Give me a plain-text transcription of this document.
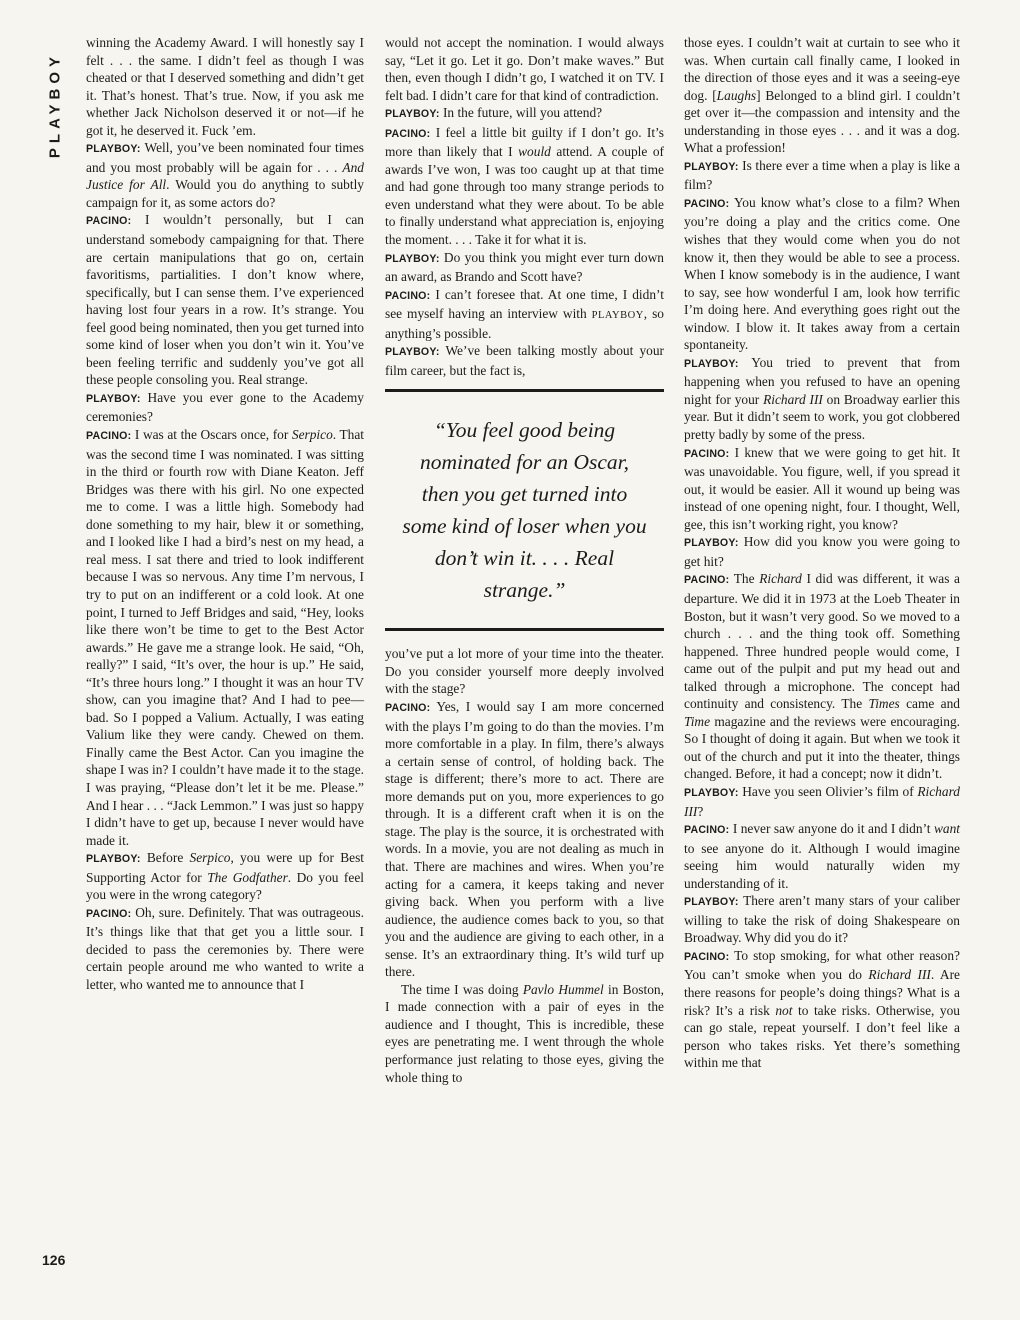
PLAYBOY
126

winning the Academy Award. I will honestly say I felt . . . the same. I didn’t feel as though I was cheated or that I deserved something and didn’t get it. That’s honest. That’s true. Now, if you ask me whether Jack Nicholson deserved it or not—if he got it, he deserved it. Fuck ’em.

PLAYBOY: Well, you’ve been nominated four times and you most probably will be again for . . . And Justice for All. Would you do anything to subtly campaign for it, as some actors do?

PACINO: I wouldn’t personally, but I can understand somebody campaigning for that. There are certain manipulations that go on, certain favoritisms, partialities. I don’t know where, specifically, but I can sense them. I’ve experienced having lost four years in a row. It’s strange. You feel good being nominated, then you get turned into some kind of loser when you don’t win it. You’ve been feeling terrific and suddenly you’ve got all these people consoling you. Real strange.

PLAYBOY: Have you ever gone to the Academy ceremonies?

PACINO: I was at the Oscars once, for Serpico. That was the second time I was nominated. I was sitting in the third or fourth row with Diane Keaton. Jeff Bridges was there with his girl. No one expected me to come. I was a little high. Somebody had done something to my hair, blew it or something, and I looked like I had a bird’s nest on my head, a real mess. I sat there and tried to look indifferent because I was so nervous. Any time I’m nervous, I try to put on an indifferent or a cold look. At one point, I turned to Jeff Bridges and said, “Hey, looks like there won’t be time to get to the Best Actor awards.” He gave me a strange look. He said, “Oh, really?” I said, “It’s over, the hour is up.” He said, “It’s three hours long.” I thought it was an hour TV show, can you imagine that? And I had to pee—bad. So I popped a Valium. Actually, I was eating Valium like they were candy. Chewed on them. Finally came the Best Actor. Can you imagine the shape I was in? I couldn’t have made it to the stage. I was praying, “Please don’t let it be me. Please.” And I hear . . . “Jack Lemmon.” I was just so happy I didn’t have to get up, because I never would have made it.

PLAYBOY: Before Serpico, you were up for Best Supporting Actor for The Godfather. Do you feel you were in the wrong category?

PACINO: Oh, sure. Definitely. That was outrageous. It’s things like that that get you a little sour. I decided to pass the ceremonies by. There were certain people around me who wanted to write a letter, who wanted me to announce that I

would not accept the nomination. I would always say, “Let it go. Let it go. Don’t make waves.” But then, even though I didn’t go, I watched it on TV. I felt bad. I didn’t care for that kind of contradiction.

PLAYBOY: In the future, will you attend?

PACINO: I feel a little bit guilty if I don’t go. It’s more than likely that I would attend. A couple of awards I’ve won, I was too caught up at that time and had gone through too many strange periods to even understand what they were about. To be able to finally understand what appreciation is, enjoying the moment. . . . Take it for what it is.

PLAYBOY: Do you think you might ever turn down an award, as Brando and Scott have?

PACINO: I can’t foresee that. At one time, I didn’t see myself having an interview with PLAYBOY, so anything’s possible.

PLAYBOY: We’ve been talking mostly about your film career, but the fact is,

“You feel good being nominated for an Oscar, then you get turned into some kind of loser when you don’t win it. . . . Real strange.”

you’ve put a lot more of your time into the theater. Do you consider yourself more deeply involved with the stage?

PACINO: Yes, I would say I am more concerned with the plays I’m going to do than the movies. I’m more comfortable in a play. In film, there’s always a certain sense of control, of holding back. The stage is different; there’s more to act. There are more demands put on you, more experiences to go through. It is a different craft when it is on the stage. The play is the source, it is orchestrated with words. In a movie, you are not dealing as much in that. There are machines and wires. When you’re acting for a camera, it keeps taking and never giving back. When you perform with a live audience, the audience comes back to you, so that you and the audience are giving to each other, in a sense. It’s an extraordinary thing. It’s wild turf up there.

The time I was doing Pavlo Hummel in Boston, I made connection with a pair of eyes in the audience and I thought, This is incredible, these eyes are penetrating me. I went through the whole performance just relating to those eyes, giving the whole thing to

those eyes. I couldn’t wait at curtain to see who it was. When curtain call finally came, I looked in the direction of those eyes and it was a seeing-eye dog. [Laughs] Belonged to a blind girl. I couldn’t get over it—the compassion and intensity and the understanding in those eyes . . . and it was a dog. What a profession!

PLAYBOY: Is there ever a time when a play is like a film?

PACINO: You know what’s close to a film? When you’re doing a play and the critics come. One wishes that they would come when you do not know it, then they would be able to see a process. When I know somebody is in the audience, I want to say, see how wonderful I am, look how terrific I’m doing here. And everything goes right out the window. I blow it. It takes away from a certain spontaneity.

PLAYBOY: You tried to prevent that from happening when you refused to have an opening night for your Richard III on Broadway earlier this year. But it didn’t seem to work, you got clobbered pretty badly by some of the press.

PACINO: I knew that we were going to get hit. It was unavoidable. You figure, well, if you spread it out, it would be easier. All it wound up being was instead of one opening night, four. I thought, Well, gee, this isn’t working right, you know?

PLAYBOY: How did you know you were going to get hit?

PACINO: The Richard I did was different, it was a departure. We did it in 1973 at the Loeb Theater in Boston, but it wasn’t very good. So we moved to a church . . . and the thing took off. Something happened. Three hundred people would come, I came out of the pulpit and put my head out and talked through a microphone. The concept had continuity and consistency. The Times came and Time magazine and the reviews were encouraging. So I thought of doing it again. But when we took it out of the church and put it into the theater, things changed. Before, it had a concept; now it didn’t.

PLAYBOY: Have you seen Olivier’s film of Richard III?

PACINO: I never saw anyone do it and I didn’t want to see anyone do it. Although I would imagine seeing him would naturally widen my understanding of it.

PLAYBOY: There aren’t many stars of your caliber willing to take the risk of doing Shakespeare on Broadway. Why did you do it?

PACINO: To stop smoking, for what other reason? You can’t smoke when you do Richard III. Are there reasons for people’s doing things? What is a risk? It’s a risk not to take risks. Otherwise, you can go stale, repeat yourself. I don’t feel like a person who takes risks. Yet there’s something within me that
